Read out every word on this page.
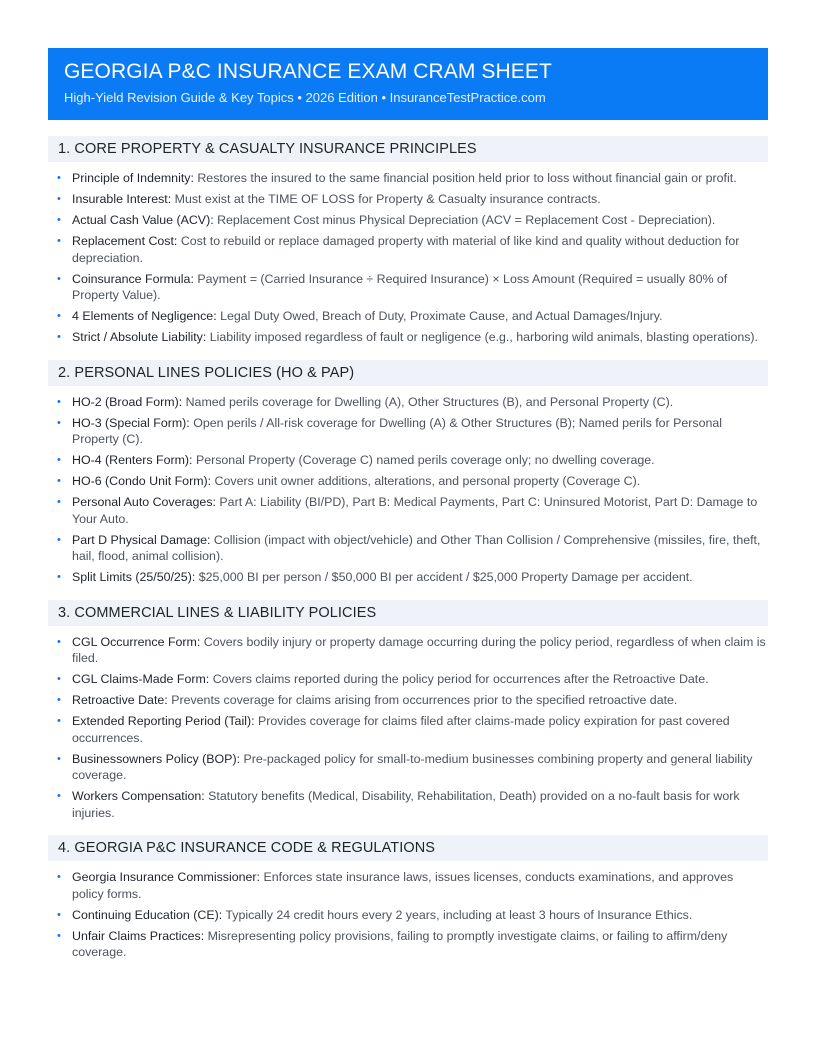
GEORGIA P&C INSURANCE EXAM CRAM SHEET
High-Yield Revision Guide & Key Topics • 2026 Edition • InsuranceTestPractice.com
1. CORE PROPERTY & CASUALTY INSURANCE PRINCIPLES
• Principle of Indemnity: Restores the insured to the same financial position held prior to loss without financial gain or profit.
• Insurable Interest: Must exist at the TIME OF LOSS for Property & Casualty insurance contracts.
• Actual Cash Value (ACV): Replacement Cost minus Physical Depreciation (ACV = Replacement Cost - Depreciation).
• Replacement Cost: Cost to rebuild or replace damaged property with material of like kind and quality without deduction for depreciation.
• Coinsurance Formula: Payment = (Carried Insurance ÷ Required Insurance) × Loss Amount (Required = usually 80% of Property Value).
• 4 Elements of Negligence: Legal Duty Owed, Breach of Duty, Proximate Cause, and Actual Damages/Injury.
• Strict / Absolute Liability: Liability imposed regardless of fault or negligence (e.g., harboring wild animals, blasting operations).
2. PERSONAL LINES POLICIES (HO & PAP)
• HO-2 (Broad Form): Named perils coverage for Dwelling (A), Other Structures (B), and Personal Property (C).
• HO-3 (Special Form): Open perils / All-risk coverage for Dwelling (A) & Other Structures (B); Named perils for Personal Property (C).
• HO-4 (Renters Form): Personal Property (Coverage C) named perils coverage only; no dwelling coverage.
• HO-6 (Condo Unit Form): Covers unit owner additions, alterations, and personal property (Coverage C).
• Personal Auto Coverages: Part A: Liability (BI/PD), Part B: Medical Payments, Part C: Uninsured Motorist, Part D: Damage to Your Auto.
• Part D Physical Damage: Collision (impact with object/vehicle) and Other Than Collision / Comprehensive (missiles, fire, theft, hail, flood, animal collision).
• Split Limits (25/50/25): $25,000 BI per person / $50,000 BI per accident / $25,000 Property Damage per accident.
3. COMMERCIAL LINES & LIABILITY POLICIES
• CGL Occurrence Form: Covers bodily injury or property damage occurring during the policy period, regardless of when claim is filed.
• CGL Claims-Made Form: Covers claims reported during the policy period for occurrences after the Retroactive Date.
• Retroactive Date: Prevents coverage for claims arising from occurrences prior to the specified retroactive date.
• Extended Reporting Period (Tail): Provides coverage for claims filed after claims-made policy expiration for past covered occurrences.
• Businessowners Policy (BOP): Pre-packaged policy for small-to-medium businesses combining property and general liability coverage.
• Workers Compensation: Statutory benefits (Medical, Disability, Rehabilitation, Death) provided on a no-fault basis for work injuries.
4. GEORGIA P&C INSURANCE CODE & REGULATIONS
• Georgia Insurance Commissioner: Enforces state insurance laws, issues licenses, conducts examinations, and approves policy forms.
• Continuing Education (CE): Typically 24 credit hours every 2 years, including at least 3 hours of Insurance Ethics.
• Unfair Claims Practices: Misrepresenting policy provisions, failing to promptly investigate claims, or failing to affirm/deny coverage.
